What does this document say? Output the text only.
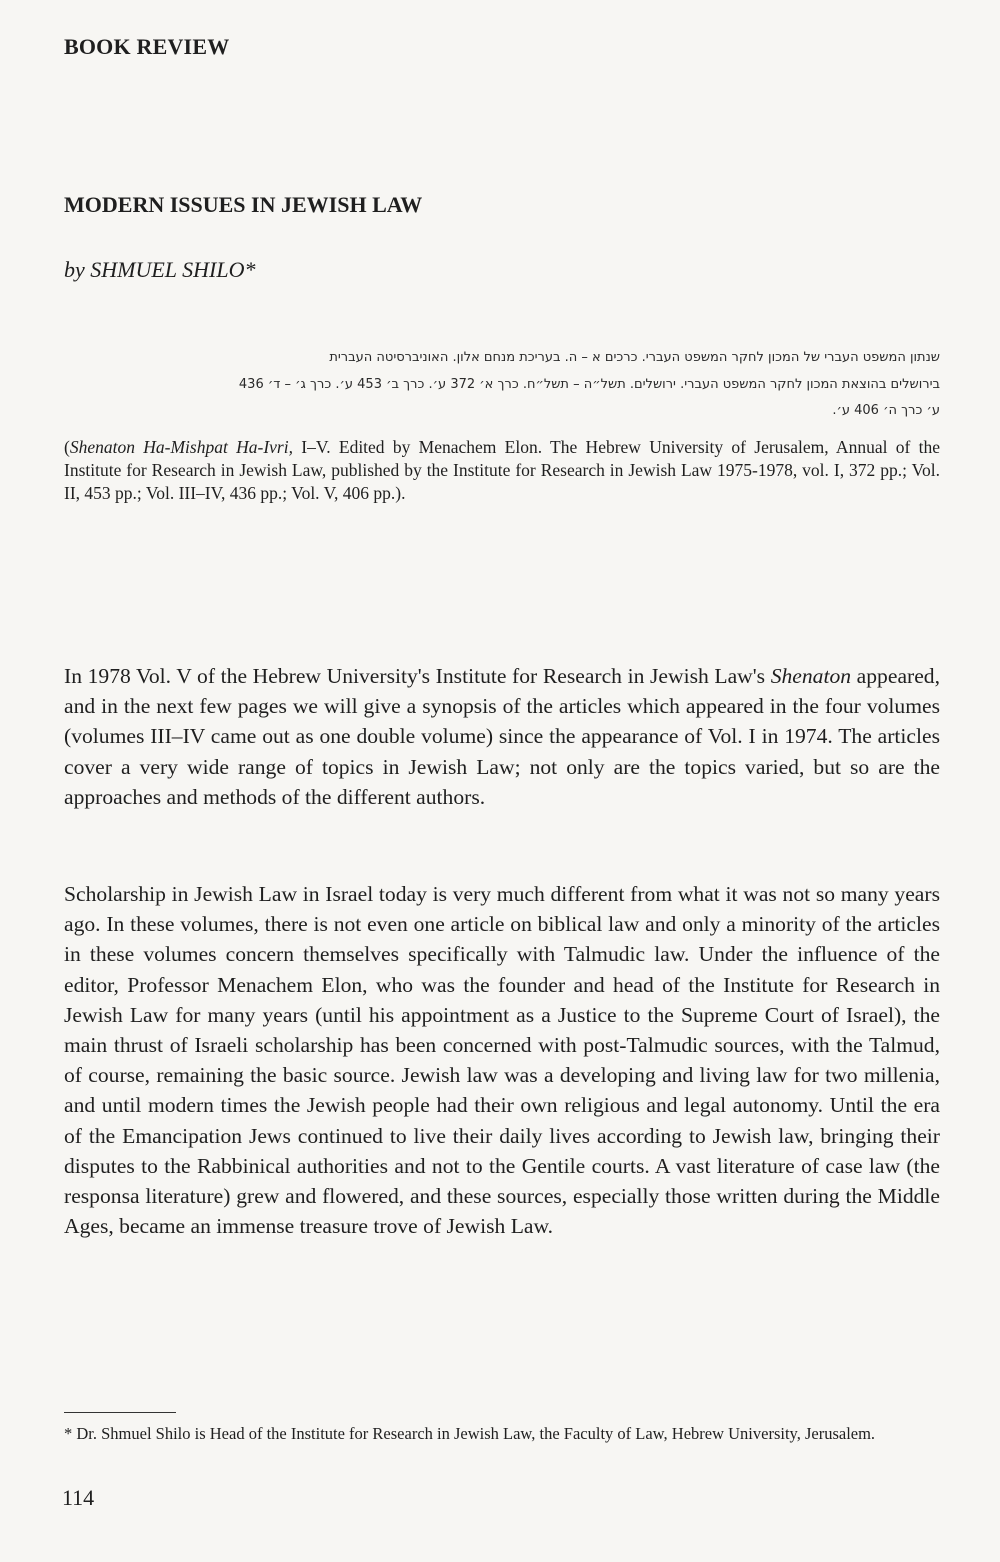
BOOK REVIEW
MODERN ISSUES IN JEWISH LAW
by SHMUEL SHILO*
שנתון המשפט העברי של המכון לחקר המשפט העברי. כרכים א – ה. בעריכת מנחם אלון. האוניברסיטה העברית
בירושלים בהוצאת המכון לחקר המשפט העברי. ירושלים. תשל״ה – תשל״ח. כרך א׳ 372 ע׳. כרך ב׳ 453 ע׳. כרך ג׳ – ד׳ 436
ע׳ כרך ה׳ 406 ע׳.
(Shenaton Ha-Mishpat Ha-Ivri, I–V. Edited by Menachem Elon. The Hebrew University of Jerusalem, Annual of the Institute for Research in Jewish Law, published by the Institute for Research in Jewish Law 1975-1978, vol. I, 372 pp.; Vol. II, 453 pp.; Vol. III–IV, 436 pp.; Vol. V, 406 pp.).

In 1978 Vol. V of the Hebrew University's Institute for Research in Jewish Law's Shenaton appeared, and in the next few pages we will give a synopsis of the articles which appeared in the four volumes (volumes III–IV came out as one double volume) since the appearance of Vol. I in 1974. The articles cover a very wide range of topics in Jewish Law; not only are the topics varied, but so are the approaches and methods of the different authors.

Scholarship in Jewish Law in Israel today is very much different from what it was not so many years ago. In these volumes, there is not even one article on biblical law and only a minority of the articles in these volumes concern themselves specifically with Talmudic law. Under the influence of the editor, Professor Menachem Elon, who was the founder and head of the Institute for Research in Jewish Law for many years (until his appointment as a Justice to the Supreme Court of Israel), the main thrust of Israeli scholarship has been concerned with post-Talmudic sources, with the Talmud, of course, remaining the basic source. Jewish law was a developing and living law for two millenia, and until modern times the Jewish people had their own religious and legal autonomy. Until the era of the Emancipation Jews continued to live their daily lives according to Jewish law, bringing their disputes to the Rabbinical authorities and not to the Gentile courts. A vast literature of case law (the responsa literature) grew and flowered, and these sources, especially those written during the Middle Ages, became an immense treasure trove of Jewish Law.

* Dr. Shmuel Shilo is Head of the Institute for Research in Jewish Law, the Faculty of Law, Hebrew University, Jerusalem.
114
